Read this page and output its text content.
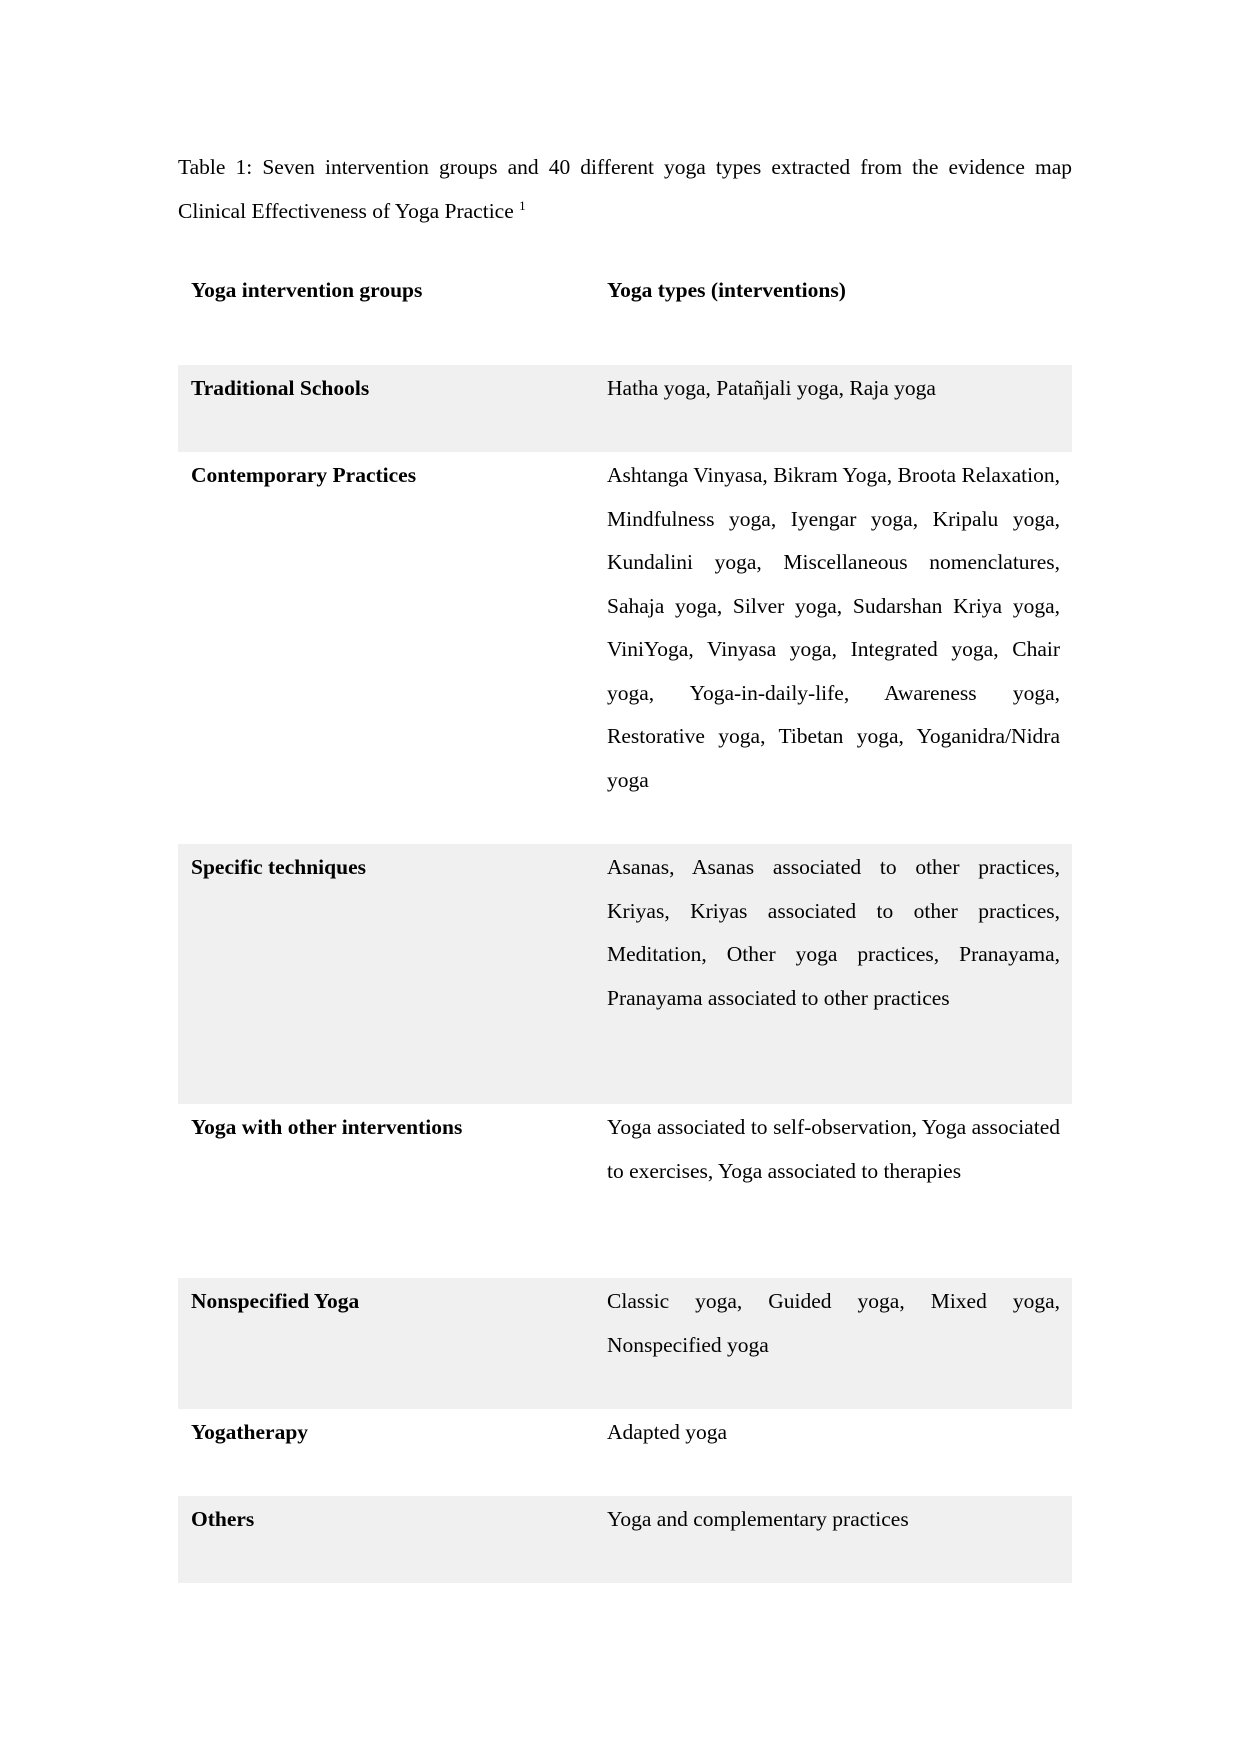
Table 1: Seven intervention groups and 40 different yoga types extracted from the evidence map Clinical Effectiveness of Yoga Practice $^1$
Yoga intervention groups	Yoga types (interventions)
Traditional Schools	Hatha yoga, Patañjali yoga, Raja yoga
Contemporary Practices	Ashtanga Vinyasa, Bikram Yoga, Broota Relaxation, Mindfulness yoga, Iyengar yoga, Kripalu yoga, Kundalini yoga, Miscellaneous nomenclatures, Sahaja yoga, Silver yoga, Sudarshan Kriya yoga, ViniYoga, Vinyasa yoga, Integrated yoga, Chair yoga, Yoga-in-daily-life, Awareness yoga, Restorative yoga, Tibetan yoga, Yoganidra/Nidra yoga
Specific techniques	Asanas, Asanas associated to other practices, Kriyas, Kriyas associated to other practices, Meditation, Other yoga practices, Pranayama, Pranayama associated to other practices
Yoga with other interventions	Yoga associated to self-observation, Yoga associated to exercises, Yoga associated to therapies
Nonspecified Yoga	Classic yoga, Guided yoga, Mixed yoga, Nonspecified yoga
Yogatherapy	Adapted yoga
Others	Yoga and complementary practices
